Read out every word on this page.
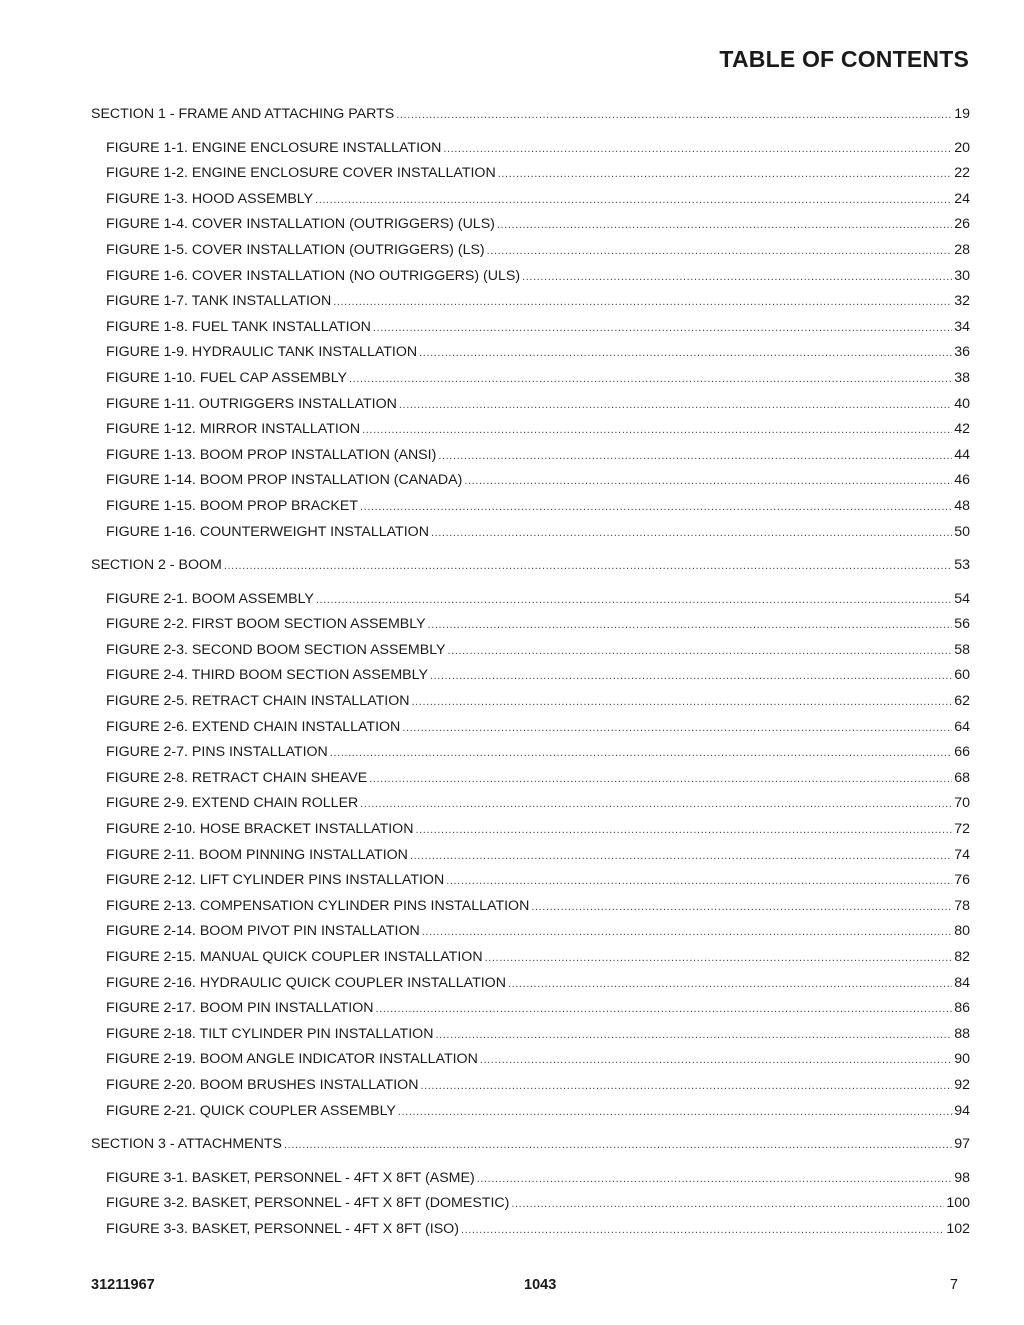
TABLE OF CONTENTS
SECTION 1 - FRAME AND ATTACHING PARTS .....	19
FIGURE 1-1. ENGINE ENCLOSURE INSTALLATION .....	20
FIGURE 1-2. ENGINE ENCLOSURE COVER INSTALLATION .....	22
FIGURE 1-3. HOOD ASSEMBLY .....	24
FIGURE 1-4. COVER INSTALLATION (OUTRIGGERS) (ULS) .....	26
FIGURE 1-5. COVER INSTALLATION (OUTRIGGERS) (LS) .....	28
FIGURE 1-6. COVER INSTALLATION (NO OUTRIGGERS) (ULS) .....	30
FIGURE 1-7. TANK INSTALLATION .....	32
FIGURE 1-8. FUEL TANK INSTALLATION .....	34
FIGURE 1-9. HYDRAULIC TANK INSTALLATION .....	36
FIGURE 1-10. FUEL CAP ASSEMBLY .....	38
FIGURE 1-11. OUTRIGGERS INSTALLATION .....	40
FIGURE 1-12. MIRROR INSTALLATION .....	42
FIGURE 1-13. BOOM PROP INSTALLATION (ANSI) .....	44
FIGURE 1-14. BOOM PROP INSTALLATION (CANADA) .....	46
FIGURE 1-15. BOOM PROP BRACKET .....	48
FIGURE 1-16. COUNTERWEIGHT INSTALLATION .....	50
SECTION 2 - BOOM .....	53
FIGURE 2-1. BOOM ASSEMBLY .....	54
FIGURE 2-2. FIRST BOOM SECTION ASSEMBLY .....	56
FIGURE 2-3. SECOND BOOM SECTION ASSEMBLY .....	58
FIGURE 2-4. THIRD BOOM SECTION ASSEMBLY .....	60
FIGURE 2-5. RETRACT CHAIN INSTALLATION .....	62
FIGURE 2-6. EXTEND CHAIN INSTALLATION .....	64
FIGURE 2-7. PINS INSTALLATION .....	66
FIGURE 2-8. RETRACT CHAIN SHEAVE .....	68
FIGURE 2-9. EXTEND CHAIN ROLLER .....	70
FIGURE 2-10. HOSE BRACKET INSTALLATION .....	72
FIGURE 2-11. BOOM PINNING INSTALLATION .....	74
FIGURE 2-12. LIFT CYLINDER PINS INSTALLATION .....	76
FIGURE 2-13. COMPENSATION CYLINDER PINS INSTALLATION .....	78
FIGURE 2-14. BOOM PIVOT PIN INSTALLATION .....	80
FIGURE 2-15. MANUAL QUICK COUPLER INSTALLATION .....	82
FIGURE 2-16. HYDRAULIC QUICK COUPLER INSTALLATION .....	84
FIGURE 2-17. BOOM PIN INSTALLATION .....	86
FIGURE 2-18. TILT CYLINDER PIN INSTALLATION .....	88
FIGURE 2-19. BOOM ANGLE INDICATOR INSTALLATION .....	90
FIGURE 2-20. BOOM BRUSHES INSTALLATION .....	92
FIGURE 2-21. QUICK COUPLER ASSEMBLY .....	94
SECTION 3 - ATTACHMENTS .....	97
FIGURE 3-1. BASKET, PERSONNEL - 4FT X 8FT (ASME) .....	98
FIGURE 3-2. BASKET, PERSONNEL - 4FT X 8FT (DOMESTIC) .....	100
FIGURE 3-3. BASKET, PERSONNEL - 4FT X 8FT (ISO) .....	102
31211967	1043	7
